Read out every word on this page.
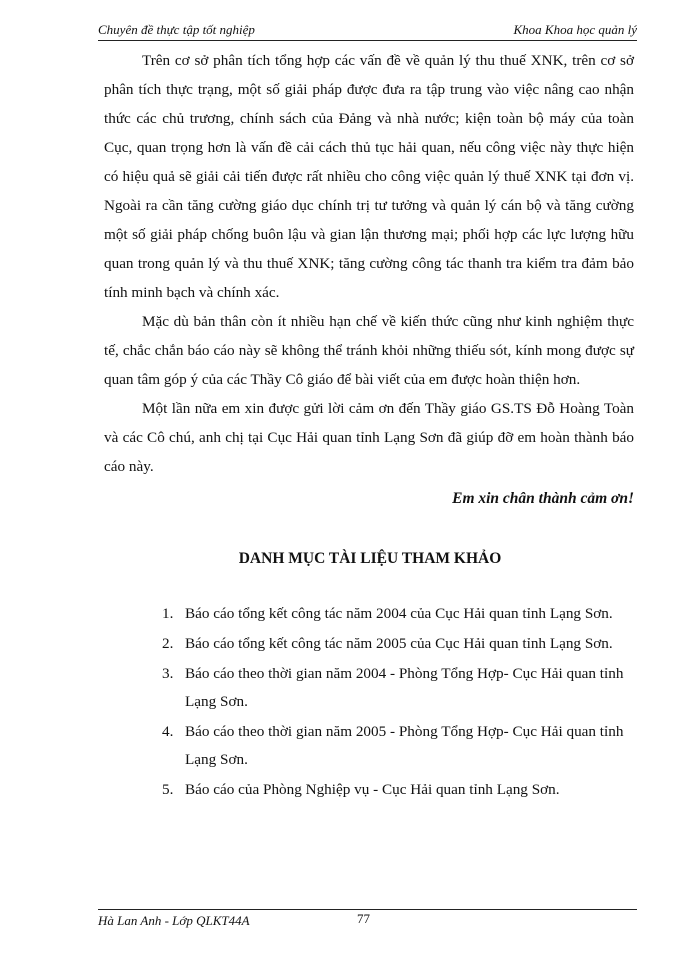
Chuyên đề thực tập tốt nghiệp	Khoa Khoa học quản lý

Trên cơ sở phân tích tổng hợp các vấn đề về quản lý thu thuế XNK, trên cơ sở phân tích thực trạng, một số giải pháp được đưa ra tập trung vào việc nâng cao nhận thức các chủ trương, chính sách của Đảng và nhà nước; kiện toàn bộ máy của toàn Cục, quan trọng hơn là vấn đề cải cách thủ tục hải quan, nếu công việc này thực hiện có hiệu quả sẽ giải cải tiến được rất nhiều cho công việc quản lý thuế XNK tại đơn vị. Ngoài ra cần tăng cường giáo dục chính trị tư tưởng và quản lý cán bộ và tăng cường một số giải pháp chống buôn lậu và gian lận thương mại; phối hợp các lực lượng hữu quan trong quản lý và thu thuế XNK; tăng cường công tác thanh tra kiểm tra đảm bảo tính minh bạch và chính xác.

Mặc dù bản thân còn ít nhiều hạn chế về kiến thức cũng như kinh nghiệm thực tế, chắc chắn báo cáo này sẽ không thể tránh khỏi những thiếu sót, kính mong được sự quan tâm góp ý của các Thầy Cô giáo để bài viết của em được hoàn thiện hơn.

Một lần nữa em xin được gửi lời cảm ơn đến Thầy giáo GS.TS Đỗ Hoàng Toàn và các Cô chú, anh chị tại Cục Hải quan tỉnh Lạng Sơn đã giúp đỡ em hoàn thành báo cáo này.

Em xin chân thành cảm ơn!
DANH MỤC TÀI LIỆU THAM KHẢO
1. Báo cáo tổng kết công tác năm 2004 của Cục Hải quan tỉnh Lạng Sơn.
2. Báo cáo tổng kết công tác năm 2005 của Cục Hải quan tỉnh Lạng Sơn.
3. Báo cáo theo thời gian năm 2004 - Phòng Tổng Hợp- Cục Hải quan tỉnh Lạng Sơn.
4. Báo cáo theo thời gian năm 2005 - Phòng Tổng Hợp- Cục Hải quan tỉnh Lạng Sơn.
5. Báo cáo của Phòng Nghiệp vụ - Cục Hải quan tỉnh Lạng Sơn.
Hà Lan Anh - Lớp QLKT44A	77
